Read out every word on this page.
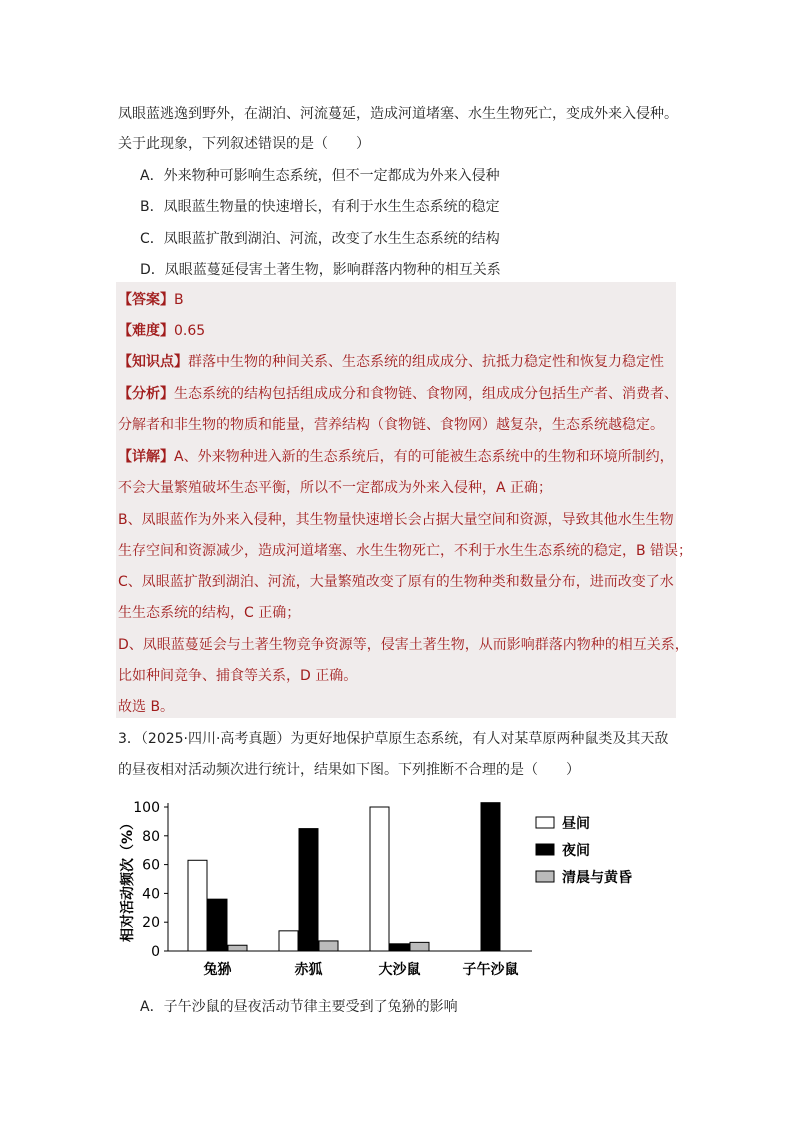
凤眼蓝逃逸到野外，在湖泊、河流蔓延，造成河道堵塞、水生生物死亡，变成外来入侵种。
关于此现象，下列叙述错误的是（　　）
A．外来物种可影响生态系统，但不一定都成为外来入侵种
B．凤眼蓝生物量的快速增长，有利于水生生态系统的稳定
C．凤眼蓝扩散到湖泊、河流，改变了水生生态系统的结构
D．凤眼蓝蔓延侵害土著生物，影响群落内物种的相互关系
【答案】B
【难度】0.65
【知识点】群落中生物的种间关系、生态系统的组成成分、抗抵力稳定性和恢复力稳定性
【分析】生态系统的结构包括组成成分和食物链、食物网，组成成分包括生产者、消费者、
分解者和非生物的物质和能量，营养结构（食物链、食物网）越复杂，生态系统越稳定。
【详解】A、外来物种进入新的生态系统后，有的可能被生态系统中的生物和环境所制约，
不会大量繁殖破坏生态平衡，所以不一定都成为外来入侵种，A 正确；
B、凤眼蓝作为外来入侵种，其生物量快速增长会占据大量空间和资源，导致其他水生生物
生存空间和资源减少，造成河道堵塞、水生生物死亡，不利于水生生态系统的稳定，B 错误；
C、凤眼蓝扩散到湖泊、河流，大量繁殖改变了原有的生物种类和数量分布，进而改变了水
生生态系统的结构，C 正确；
D、凤眼蓝蔓延会与土著生物竞争资源等，侵害土著生物，从而影响群落内物种的相互关系，
比如种间竞争、捕食等关系，D 正确。
故选 B。
3．（2025·四川·高考真题）为更好地保护草原生态系统，有人对某草原两种鼠类及其天敌
的昼夜相对活动频次进行统计，结果如下图。下列推断不合理的是（　　）
0
20
40
60
80
100
相对活动频次（%）
兔狲	赤狐	大沙鼠	子午沙鼠
昼间
夜间
清晨与黄昏
A．子午沙鼠的昼夜活动节律主要受到了兔狲的影响
